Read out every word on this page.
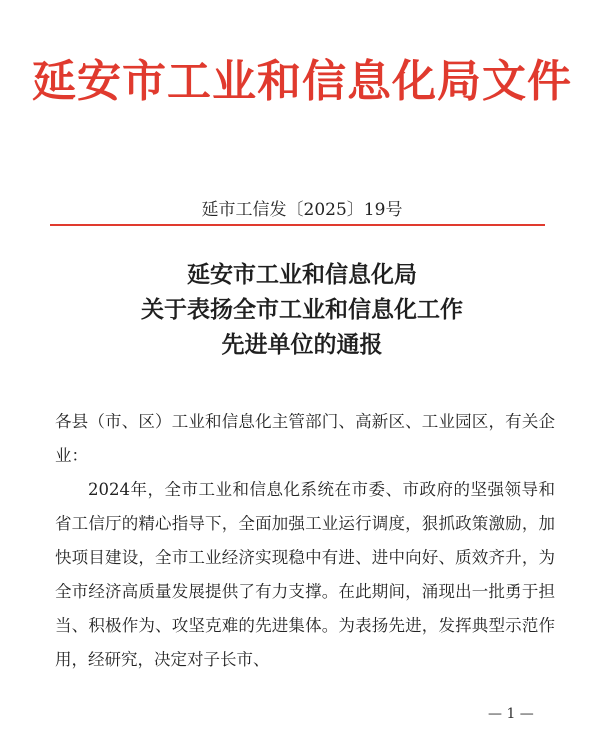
延安市工业和信息化局文件
延市工信发〔2025〕19号
延安市工业和信息化局
关于表扬全市工业和信息化工作
先进单位的通报

各县（市、区）工业和信息化主管部门、高新区、工业园区，有关企业：

2024年，全市工业和信息化系统在市委、市政府的坚强领导和省工信厅的精心指导下，全面加强工业运行调度，狠抓政策激励，加快项目建设，全市工业经济实现稳中有进、进中向好、质效齐升，为全市经济高质量发展提供了有力支撑。在此期间，涌现出一批勇于担当、积极作为、攻坚克难的先进集体。为表扬先进，发挥典型示范作用，经研究，决定对子长市、

— 1 —
